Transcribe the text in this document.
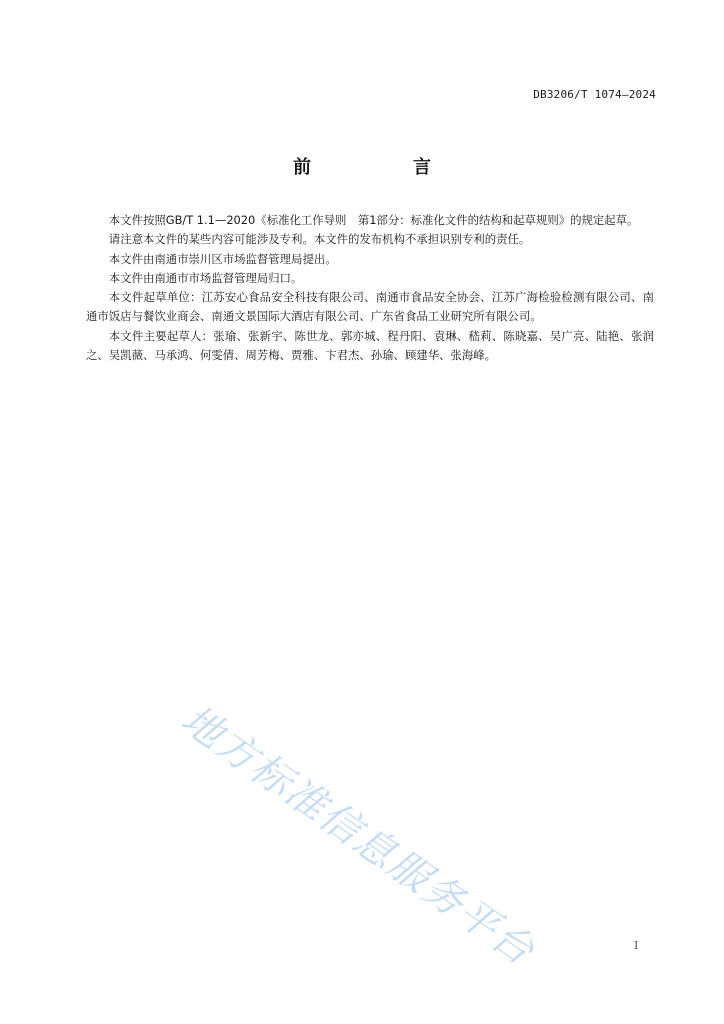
DB3206/T 1074—2024
前　言

本文件按照GB/T 1.1—2020《标准化工作导则　第1部分：标准化文件的结构和起草规则》的规定起草。

请注意本文件的某些内容可能涉及专利。本文件的发布机构不承担识别专利的责任。

本文件由南通市崇川区市场监督管理局提出。

本文件由南通市市场监督管理局归口。

本文件起草单位：江苏安心食品安全科技有限公司、南通市食品安全协会、江苏广海检验检测有限公司、南通市饭店与餐饮业商会、南通文景国际大酒店有限公司、广东省食品工业研究所有限公司。

本文件主要起草人：张瑜、张新宇、陈世龙、郭亦城、程丹阳、袁琳、嵇莉、陈晓嘉、吴广亮、陆艳、张润之、吴凯薇、马承鸿、何雯倩、周芳梅、贾雅、卞君杰、孙瑜、顾建华、张海峰。

地方标准信息服务平台	I
